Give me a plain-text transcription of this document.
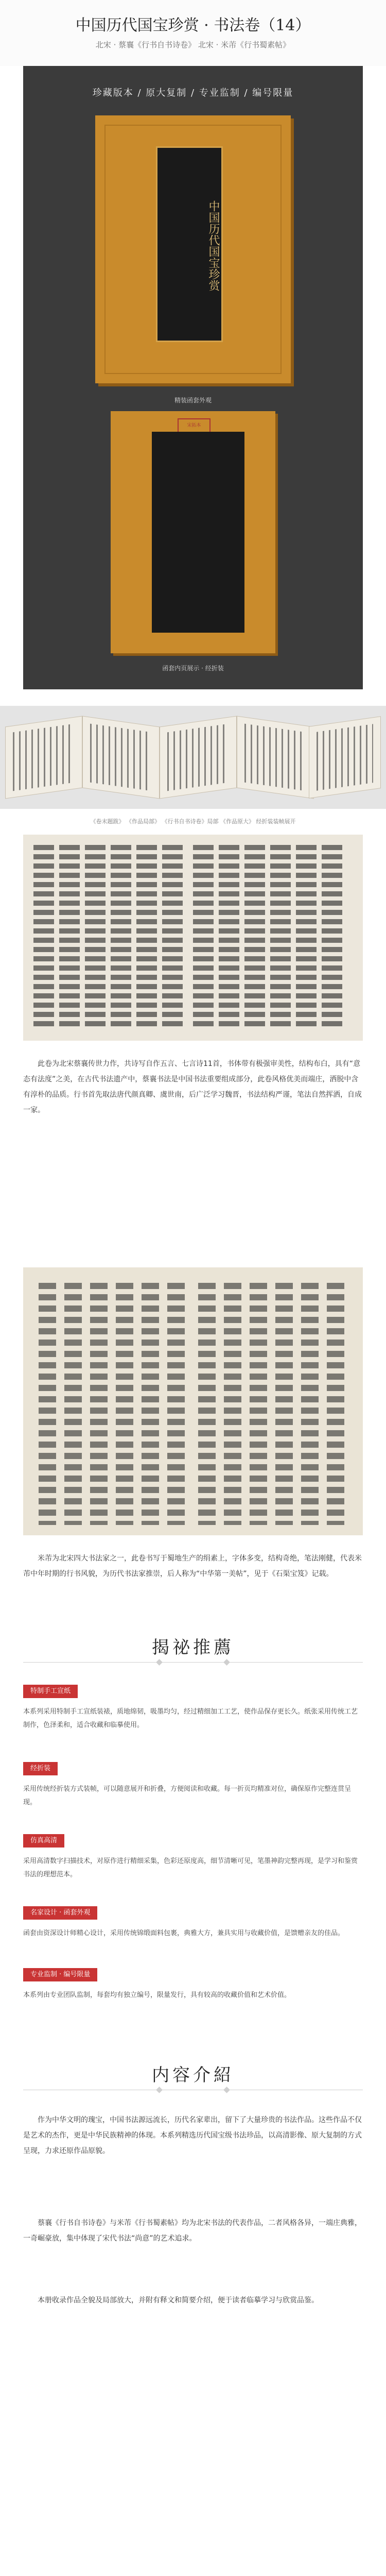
中国历代国宝珍赏 · 书法卷（14）
北宋 · 蔡襄《行书自书诗卷》 北宋 · 米芾《行书蜀素帖》
珍藏版本 / 原大复制 / 专业监制 / 编号限量
中国历代国宝珍赏
精装函套外观
宋拓本
函套内页展示 · 经折装
《卷末题跋》 《作品局部》 《行书自书诗卷》局部 《作品原大》 经折装装帧展开

此卷为北宋蔡襄传世力作，共诗写自作五言、七言诗11首，书体带有极强审美性，结构布白，具有“意态有法度”之美，在古代书法遗产中，蔡襄书法是中国书法重要组成部分，此卷风格优美而端庄，洒脱中含有淳朴的品质。行书首先取法唐代颜真卿、虞世南，后广泛学习魏晋，书法结构严谨，笔法自然挥洒，自成一家。

米芾为北宋四大书法家之一，此卷书写于蜀地生产的绢素上，字体多变，结构奇绝，笔法刚健，代表米芾中年时期的行书风貌，为历代书法家推崇，后人称为“中华第一美帖”，见于《石渠宝笈》记载。

揭祕推薦
特制手工宣纸

本系列采用特制手工宣纸装裱，质地绵韧，吸墨均匀，经过精细加工工艺，使作品保存更长久。纸张采用传统工艺制作，色泽柔和，适合收藏和临摹使用。

经折装

采用传统经折装方式装帧，可以随意展开和折叠，方便阅读和收藏。每一折页均精准对位，确保原作完整连贯呈现。

仿真高清

采用高清数字扫描技术，对原作进行精细采集，色彩还原度高，细节清晰可见，笔墨神韵完整再现，是学习和鉴赏书法的理想范本。

名家设计 · 函套外观

函套由资深设计师精心设计，采用传统锦缎面料包裹，典雅大方，兼具实用与收藏价值，是馈赠亲友的佳品。

专业监制 · 编号限量

本系列由专业团队监制，每套均有独立编号，限量发行，具有较高的收藏价值和艺术价值。

内容介紹

作为中华文明的瑰宝，中国书法源远流长，历代名家辈出，留下了大量珍贵的书法作品。这些作品不仅是艺术的杰作，更是中华民族精神的体现。本系列精选历代国宝级书法珍品，以高清影像、原大复制的方式呈现，力求还原作品原貌。

蔡襄《行书自书诗卷》与米芾《行书蜀素帖》均为北宋书法的代表作品，二者风格各异，一端庄典雅，一奇崛豪放，集中体现了宋代书法“尚意”的艺术追求。

本册收录作品全貌及局部放大，并附有释文和简要介绍，便于读者临摹学习与欣赏品鉴。
